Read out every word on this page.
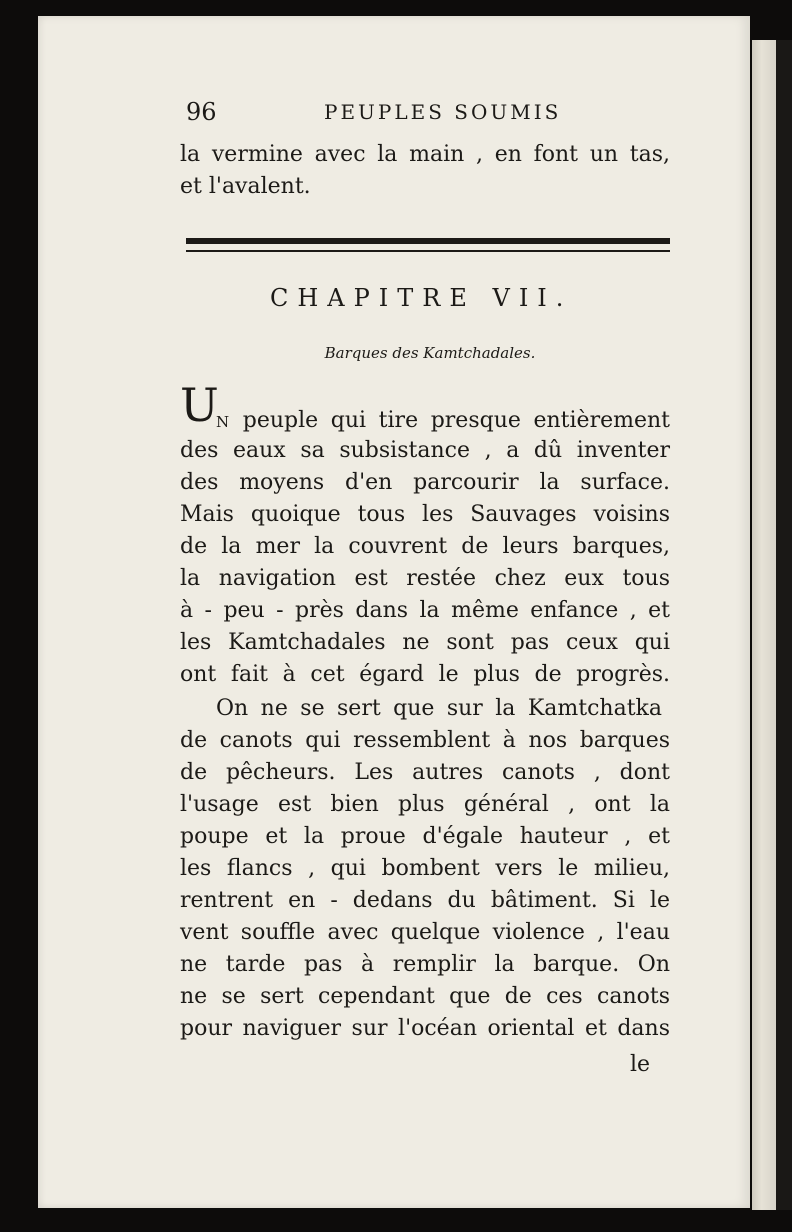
96	PEUPLES SOUMIS
la vermine avec la main , en font un tas,
et l'avalent.
CHAPITRE VII.
Barques des Kamtchadales.
U
N peuple qui tire presque entièrement
des eaux sa subsistance , a dû inventer
des moyens d'en parcourir la surface.
Mais quoique tous les Sauvages voisins
de la mer la couvrent de leurs barques,
la navigation est restée chez eux tous
à - peu - près dans la même enfance , et
les Kamtchadales ne sont pas ceux qui
ont fait à cet égard le plus de progrès.
On ne se sert que sur la Kamtchatka
de canots qui ressemblent à nos barques
de pêcheurs. Les autres canots , dont
l'usage est bien plus général , ont la
poupe et la proue d'égale hauteur , et
les flancs , qui bombent vers le milieu,
rentrent en - dedans du bâtiment. Si le
vent souffle avec quelque violence , l'eau
ne tarde pas à remplir la barque. On
ne se sert cependant que de ces canots
pour naviguer sur l'océan oriental et dans
le
